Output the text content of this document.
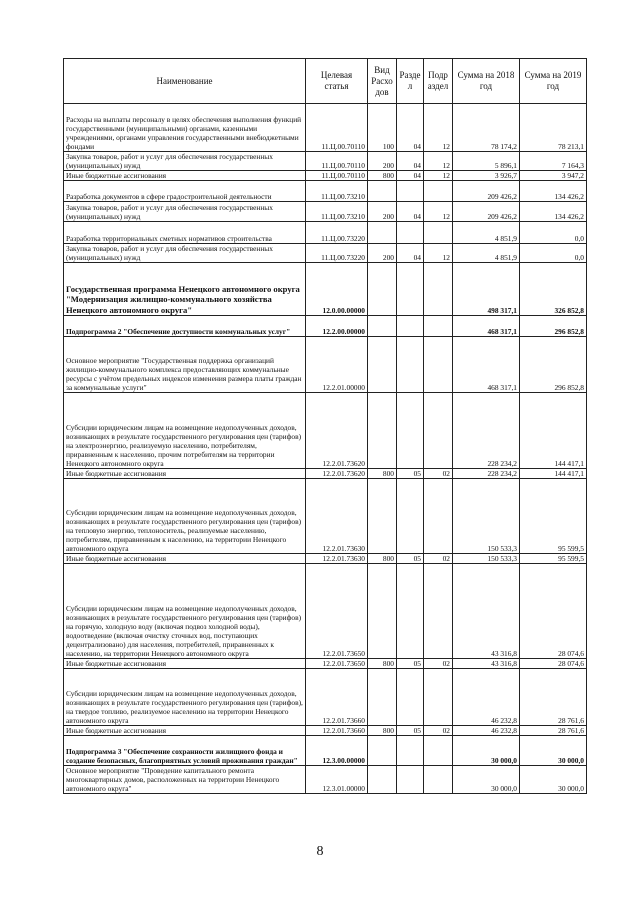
Наименование	Целевая статья	Вид Расхо дов	Разде л	Подр аздел	Сумма на 2018 год	Сумма на 2019 год
Расходы на выплаты персоналу в целях обеспечения выполнения функций государственными (муниципальными) органами, казенными учреждениями, органами управления государственными внебюджетными фондами	11.Ц.00.70110	100	04	12	78 174,2	78 213,1
Закупка товаров, работ и услуг для обеспечения государственных (муниципальных) нужд	11.Ц.00.70110	200	04	12	5 896,1	7 164,3
Иные бюджетные ассигнования	11.Ц.00.70110	800	04	12	3 926,7	3 947,2
Разработка документов в сфере градостроительной деятельности	11.Ц.00.73210				209 426,2	134 426,2
Закупка товаров, работ и услуг для обеспечения государственных (муниципальных) нужд	11.Ц.00.73210	200	04	12	209 426,2	134 426,2
Разработка территориальных сметных нормативов строительства	11.Ц.00.73220				4 851,9	0,0
Закупка товаров, работ и услуг для обеспечения государственных (муниципальных) нужд	11.Ц.00.73220	200	04	12	4 851,9	0,0
Государственная программа Ненецкого автономного округа "Модернизация жилищно-коммунального хозяйства Ненецкого автономного округа"	12.0.00.00000				498 317,1	326 852,8
Подпрограмма 2 "Обеспечение доступности коммунальных услуг"	12.2.00.00000				468 317,1	296 852,8
Основное мероприятие "Государственная поддержка организаций жилищно-коммунального комплекса предоставляющих коммунальные ресурсы с учётом предельных индексов изменения размера платы граждан за коммунальные услуги"	12.2.01.00000				468 317,1	296 852,8
Субсидии юридическим лицам на возмещение недополученных доходов, возникающих в результате государственного регулирования цен (тарифов) на электроэнергию, реализуемую населению, потребителям, приравненным к населению, прочим потребителям на территории Ненецкого автономного округа	12.2.01.73620				228 234,2	144 417,1
Иные бюджетные ассигнования	12.2.01.73620	800	05	02	228 234,2	144 417,1
Субсидии юридическим лицам на возмещение недополученных доходов, возникающих в результате государственного регулирования цен (тарифов) на тепловую энергию, теплоноситель, реализуемые населению, потребителям, приравненным к населению, на территории Ненецкого автономного округа	12.2.01.73630				150 533,3	95 599,5
Иные бюджетные ассигнования	12.2.01.73630	800	05	02	150 533,3	95 599,5
Субсидии юридическим лицам на возмещение недополученных доходов, возникающих в результате государственного регулирования цен (тарифов) на горячую, холодную воду (включая подвоз холодной воды), водоотведение (включая очистку сточных вод, поступающих децентрализовано) для населения, потребителей, приравненных к населению, на территории Ненецкого автономного округа	12.2.01.73650				43 316,8	28 074,6
Иные бюджетные ассигнования	12.2.01.73650	800	05	02	43 316,8	28 074,6
Субсидии юридическим лицам на возмещение недополученных доходов, возникающих в результате государственного регулирования цен (тарифов), на твердое топливо, реализуемое населению на территории Ненецкого автономного округа	12.2.01.73660				46 232,8	28 761,6
Иные бюджетные ассигнования	12.2.01.73660	800	05	02	46 232,8	28 761,6
Подпрограмма 3 "Обеспечение сохранности жилищного фонда и создание безопасных, благоприятных условий проживания граждан"	12.3.00.00000				30 000,0	30 000,0
Основное мероприятие "Проведение капитального ремонта многоквартирных домов, расположенных на территории Ненецкого автономного округа"	12.3.01.00000				30 000,0	30 000,0
8
